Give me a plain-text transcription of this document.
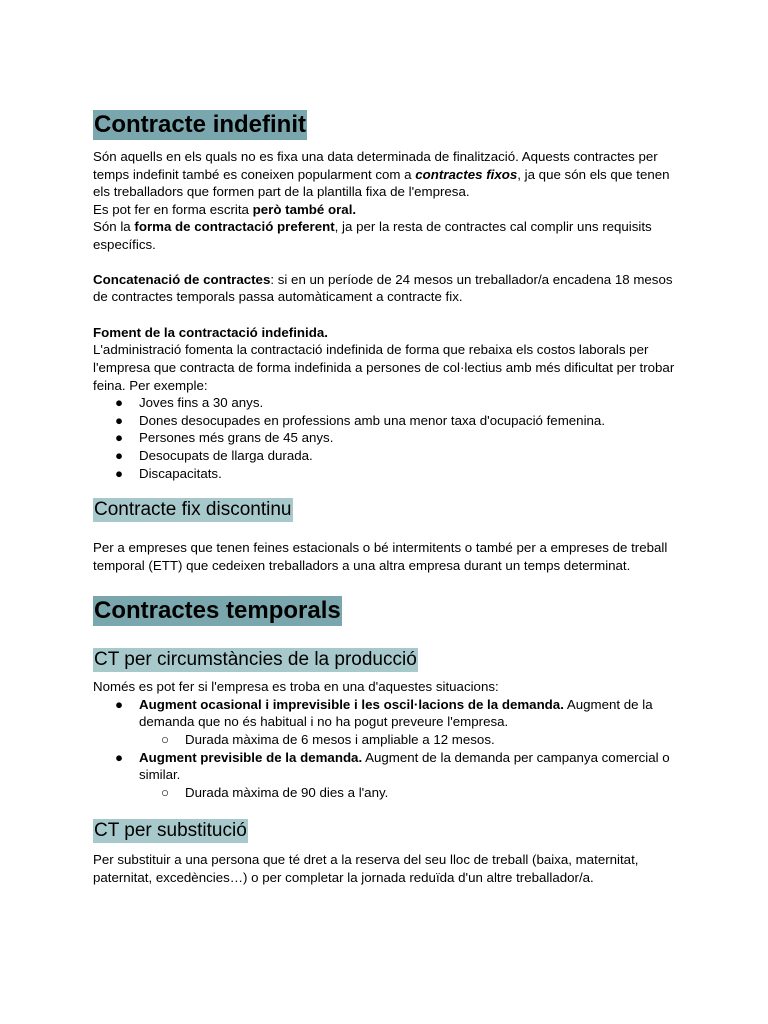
Contracte indefinit

Són aquells en els quals no es fixa una data determinada de finalització. Aquests contractes per temps indefinit també es coneixen popularment com a contractes fixos, ja que són els que tenen els treballadors que formen part de la plantilla fixa de l'empresa.

Es pot fer en forma escrita però també oral.

Són la forma de contractació preferent, ja per la resta de contractes cal complir uns requisits específics.

Concatenació de contractes: si en un període de 24 mesos un treballador/a encadena 18 mesos de contractes temporals passa automàticament a contracte fix.

Foment de la contractació indefinida.

L'administració fomenta la contractació indefinida de forma que rebaixa els costos laborals per l'empresa que contracta de forma indefinida a persones de col·lectius amb més dificultat per trobar feina. Per exemple:

● Joves fins a 30 anys.
● Dones desocupades en professions amb una menor taxa d'ocupació femenina.
● Persones més grans de 45 anys.
● Desocupats de llarga durada.
● Discapacitats.
Contracte fix discontinu

Per a empreses que tenen feines estacionals o bé intermitents o també per a empreses de treball temporal (ETT) que cedeixen treballadors a una altra empresa durant un temps determinat.

Contractes temporals
CT per circumstàncies de la producció

Només es pot fer si l'empresa es troba en una d'aquestes situacions:

● Augment ocasional i imprevisible i les oscil·lacions de la demanda. Augment de la demanda que no és habitual i no ha pogut preveure l'empresa.
○ Durada màxima de 6 mesos i ampliable a 12 mesos.
● Augment previsible de la demanda. Augment de la demanda per campanya comercial o similar.
○ Durada màxima de 90 dies a l'any.
CT per substitució

Per substituir a una persona que té dret a la reserva del seu lloc de treball (baixa, maternitat, paternitat, excedències…) o per completar la jornada reduïda d'un altre treballador/a.
